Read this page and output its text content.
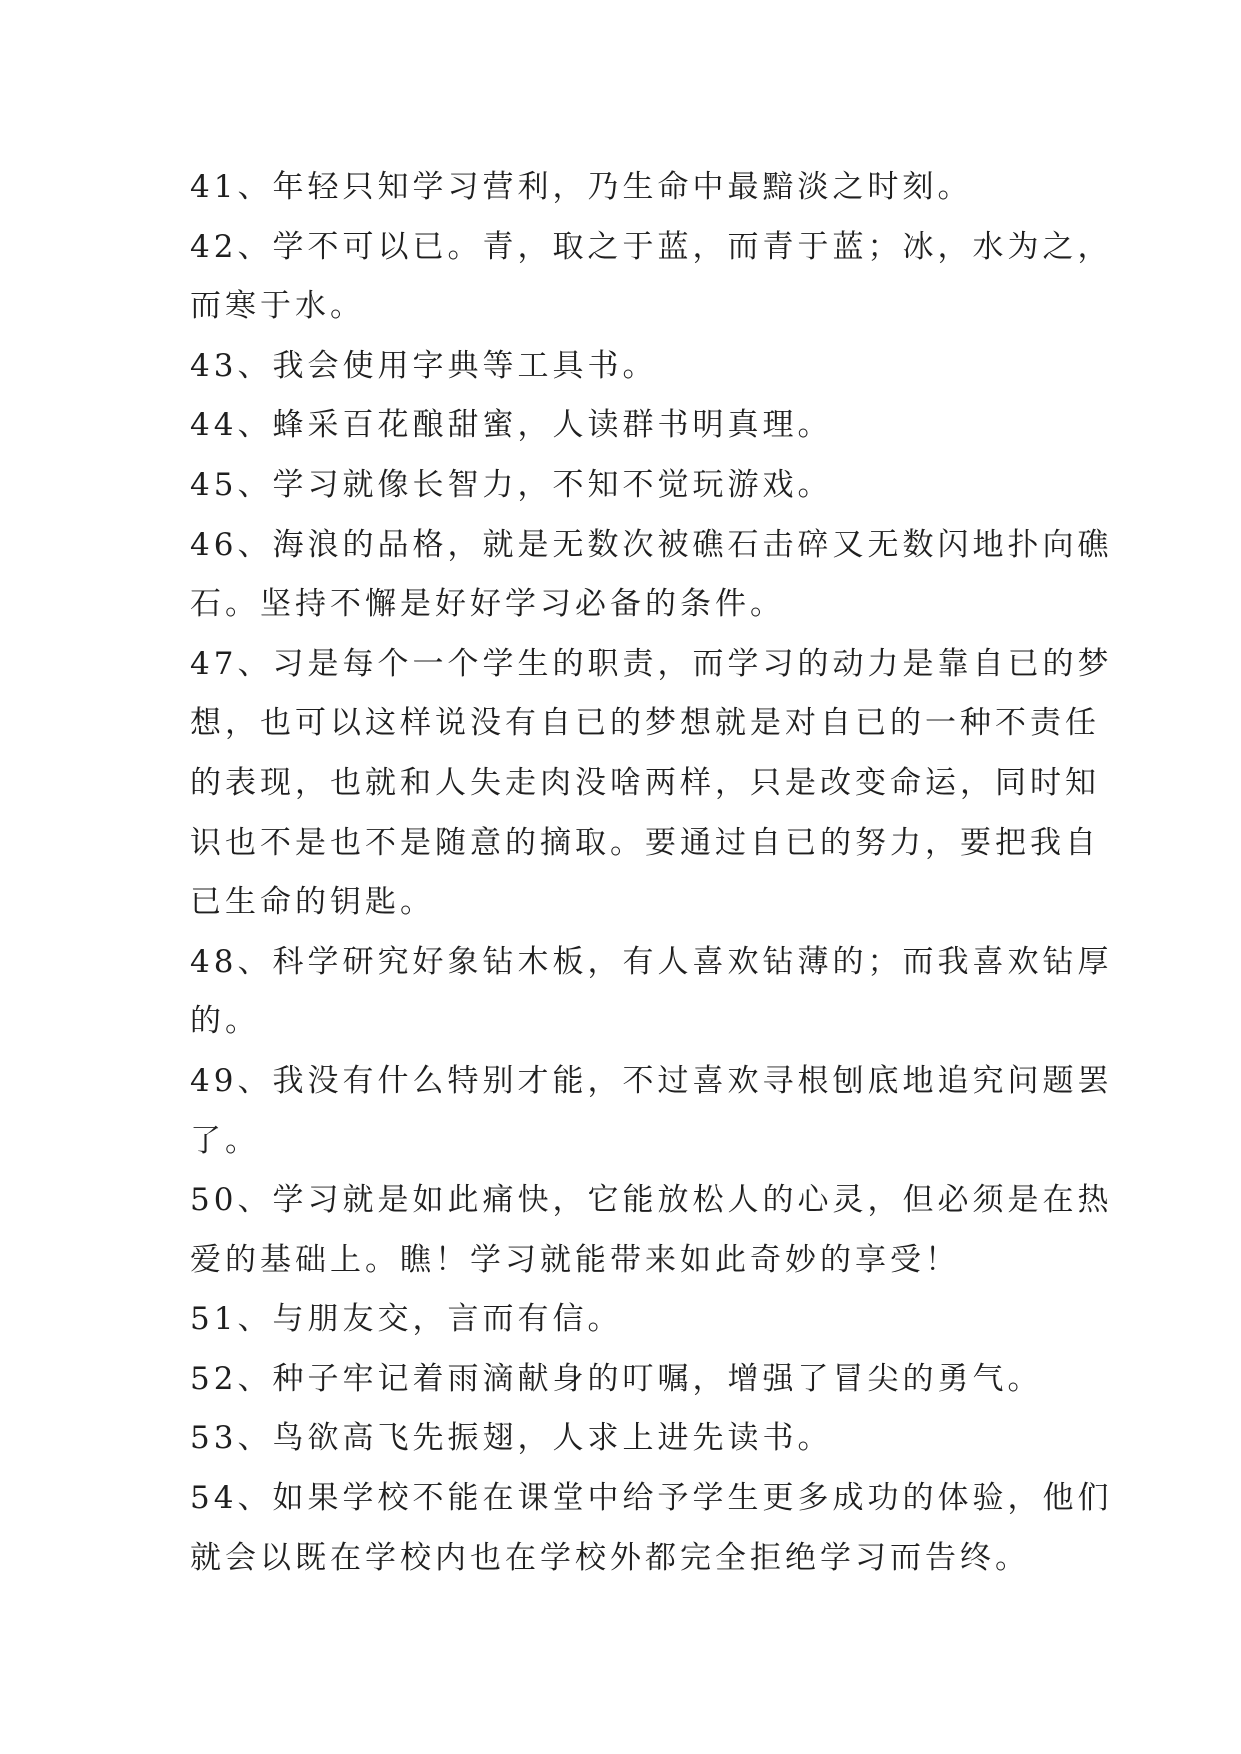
41、年轻只知学习营利，乃生命中最黯淡之时刻。
42、学不可以已。青，取之于蓝，而青于蓝；冰，水为之，
而寒于水。
43、我会使用字典等工具书。
44、蜂采百花酿甜蜜，人读群书明真理。
45、学习就像长智力，不知不觉玩游戏。
46、海浪的品格，就是无数次被礁石击碎又无数闪地扑向礁
石。坚持不懈是好好学习必备的条件。
47、习是每个一个学生的职责，而学习的动力是靠自已的梦
想，也可以这样说没有自已的梦想就是对自已的一种不责任
的表现，也就和人失走肉没啥两样，只是改变命运，同时知
识也不是也不是随意的摘取。要通过自已的努力，要把我自
已生命的钥匙。
48、科学研究好象钻木板，有人喜欢钻薄的；而我喜欢钻厚
的。
49、我没有什么特别才能，不过喜欢寻根刨底地追究问题罢
了。
50、学习就是如此痛快，它能放松人的心灵，但必须是在热
爱的基础上。瞧！学习就能带来如此奇妙的享受！
51、与朋友交，言而有信。
52、种子牢记着雨滴献身的叮嘱，增强了冒尖的勇气。
53、鸟欲高飞先振翅，人求上进先读书。
54、如果学校不能在课堂中给予学生更多成功的体验，他们
就会以既在学校内也在学校外都完全拒绝学习而告终。
